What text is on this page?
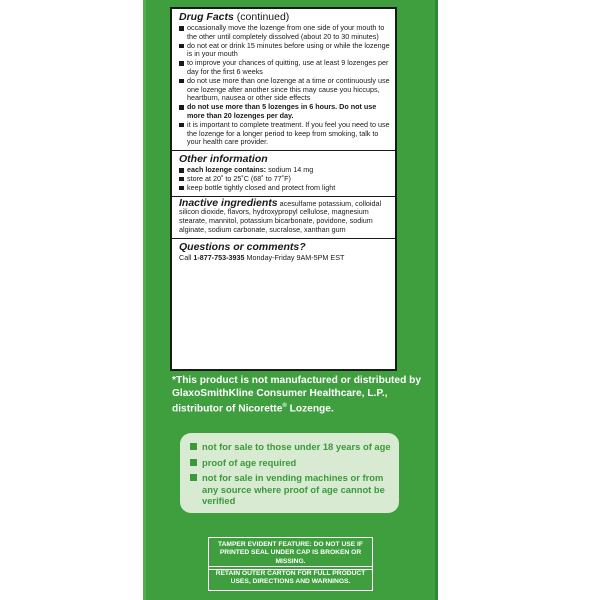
Drug Facts (continued)
occasionally move the lozenge from one side of your mouth to the other until completely dissolved (about 20 to 30 minutes)
do not eat or drink 15 minutes before using or while the lozenge is in your mouth
to improve your chances of quitting, use at least 9 lozenges per day for the first 6 weeks
do not use more than one lozenge at a time or continuously use one lozenge after another since this may cause you hiccups, heartburn, nausea or other side effects
do not use more than 5 lozenges in 6 hours. Do not use more than 20 lozenges per day.
it is important to complete treatment. If you feel you need to use the lozenge for a longer period to keep from smoking, talk to your health care provider.
Other information
each lozenge contains: sodium 14 mg
store at 20˚ to 25˚C (68˚ to 77˚F)
keep bottle tightly closed and protect from light
Inactive ingredients acesulfame potassium, colloidal silicon dioxide, flavors, hydroxypropyl cellulose, magnesium stearate, mannitol, potassium bicarbonate, povidone, sodium alginate, sodium carbonate, sucralose, xanthan gum
Questions or comments?
Call 1-877-753-3935 Monday-Friday 9AM-5PM EST
*This product is not manufactured or distributed by GlaxoSmithKline Consumer Healthcare, L.P., distributor of Nicorette® Lozenge.
not for sale to those under 18 years of age
proof of age required
not for sale in vending machines or from any source where proof of age cannot be verified
TAMPER EVIDENT FEATURE: DO NOT USE IF PRINTED SEAL UNDER CAP IS BROKEN OR MISSING.
RETAIN OUTER CARTON FOR FULL PRODUCT USES, DIRECTIONS AND WARNINGS.
